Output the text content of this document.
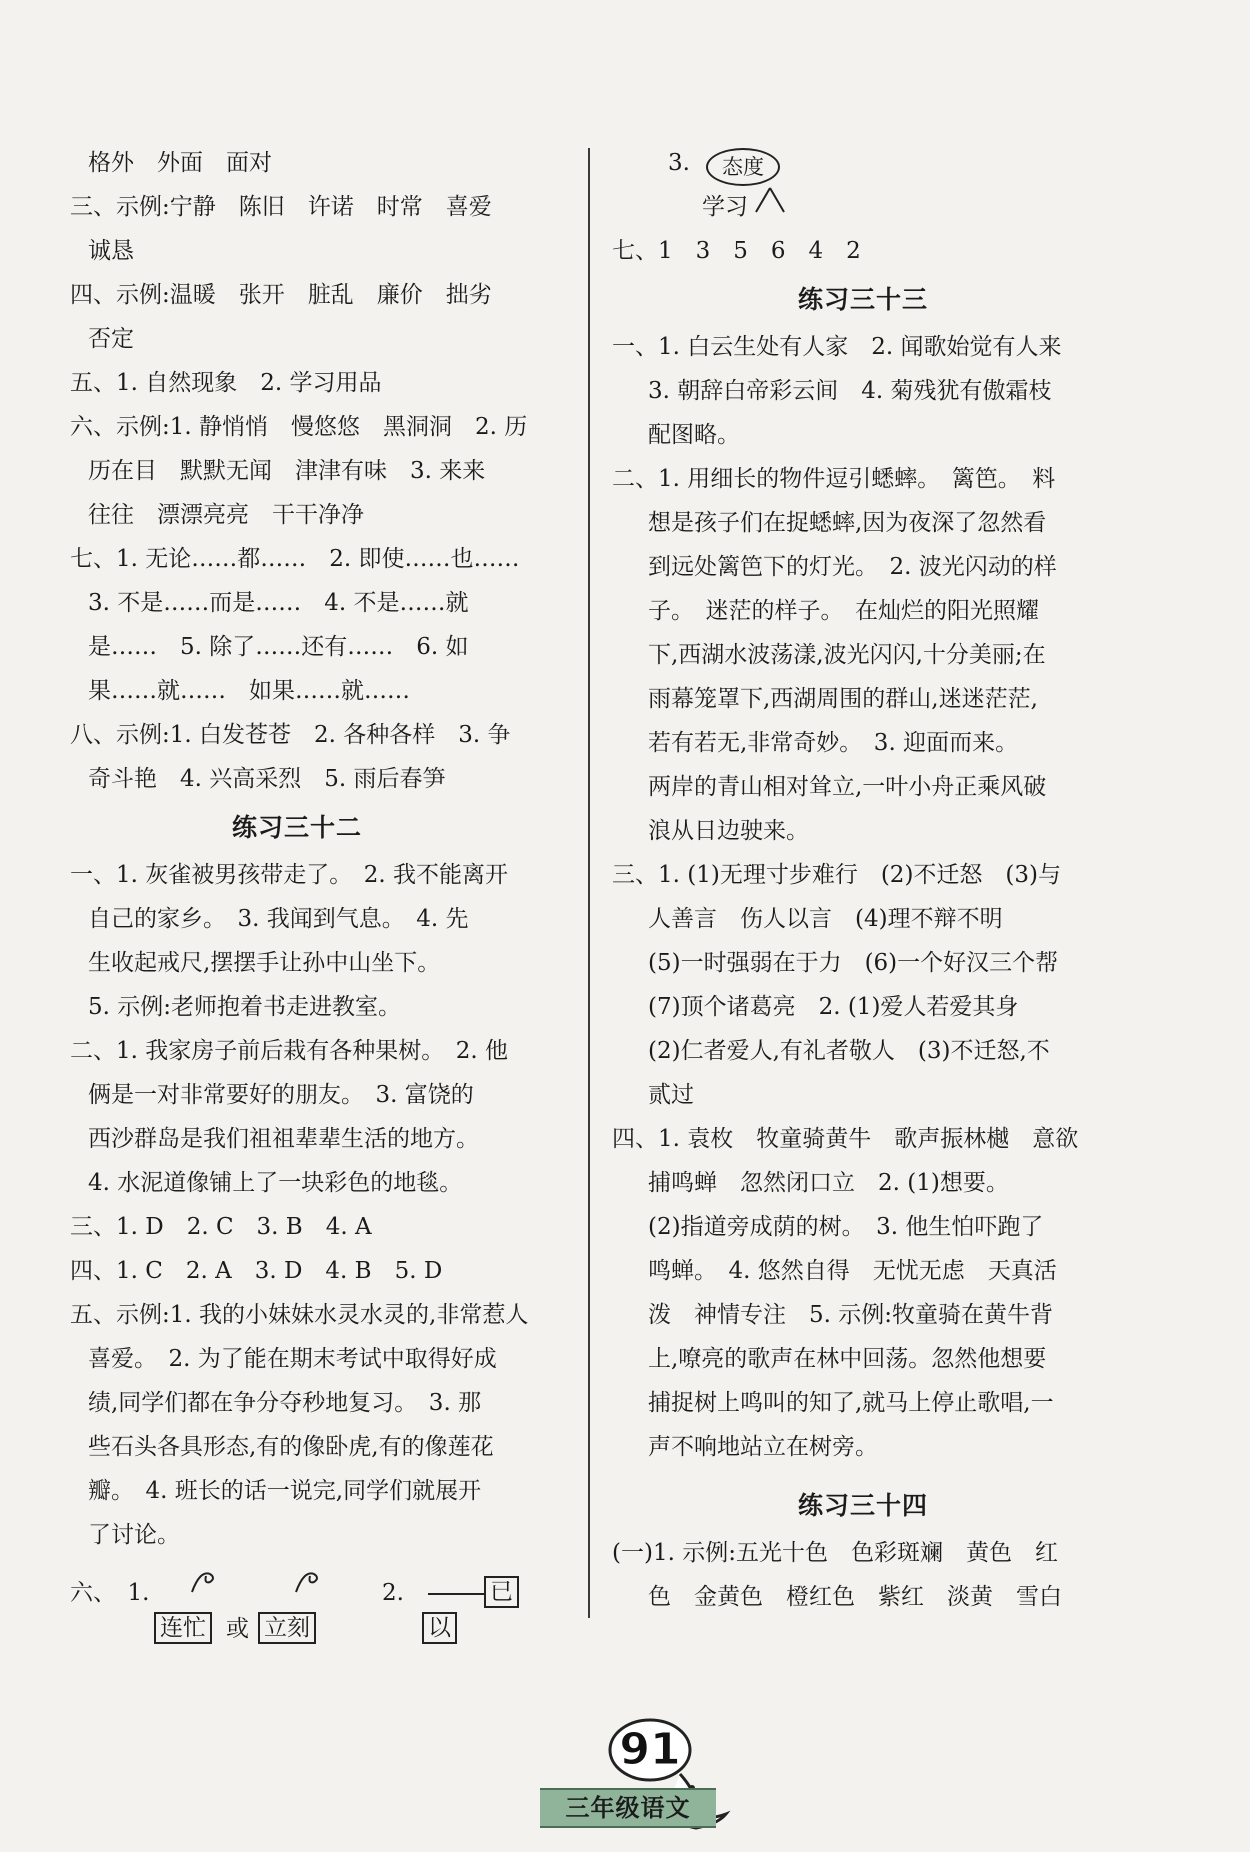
格外　外面　面对
三、示例:宁静　陈旧　许诺　时常　喜爱
诚恳
四、示例:温暖　张开　脏乱　廉价　拙劣
否定
五、1. 自然现象　2. 学习用品
六、示例:1. 静悄悄　慢悠悠　黑洞洞　2. 历
历在目　默默无闻　津津有味　3. 来来
往往　漂漂亮亮　干干净净
七、1. 无论……都……　2. 即使……也……
3. 不是……而是……　4. 不是……就
是……　5. 除了……还有……　6. 如
果……就……　如果……就……
八、示例:1. 白发苍苍　2. 各种各样　3. 争
奇斗艳　4. 兴高采烈　5. 雨后春笋
练习三十二
一、1. 灰雀被男孩带走了。　2. 我不能离开
自己的家乡。　3. 我闻到气息。　4. 先
生收起戒尺,摆摆手让孙中山坐下。
5. 示例:老师抱着书走进教室。
二、1. 我家房子前后栽有各种果树。　2. 他
俩是一对非常要好的朋友。　3. 富饶的
西沙群岛是我们祖祖辈辈生活的地方。
4. 水泥道像铺上了一块彩色的地毯。
三、1. D　2. C　3. B　4. A
四、1. C　2. A　3. D　4. B　5. D
五、示例:1. 我的小妹妹水灵水灵的,非常惹人
喜爱。　2. 为了能在期末考试中取得好成
绩,同学们都在争分夺秒地复习。　3. 那
些石头各具形态,有的像卧虎,有的像莲花
瓣。　4. 班长的话一说完,同学们就展开
了讨论。
六、　1.
连忙 或 立刻
2.
以
已
3.	态度
学习
七、1　3　5　6　4　2
练习三十三
一、1. 白云生处有人家　2. 闻歌始觉有人来
3. 朝辞白帝彩云间　4. 菊残犹有傲霜枝
配图略。
二、1. 用细长的物件逗引蟋蟀。　篱笆。　料
想是孩子们在捉蟋蟀,因为夜深了忽然看
到远处篱笆下的灯光。　2. 波光闪动的样
子。　迷茫的样子。　在灿烂的阳光照耀
下,西湖水波荡漾,波光闪闪,十分美丽;在
雨幕笼罩下,西湖周围的群山,迷迷茫茫,
若有若无,非常奇妙。　3. 迎面而来。
两岸的青山相对耸立,一叶小舟正乘风破
浪从日边驶来。
三、1. (1)无理寸步难行　(2)不迁怒　(3)与
人善言　伤人以言　(4)理不辩不明
(5)一时强弱在于力　(6)一个好汉三个帮
(7)顶个诸葛亮　2. (1)爱人若爱其身
(2)仁者爱人,有礼者敬人　(3)不迁怒,不
贰过
四、1. 袁枚　牧童骑黄牛　歌声振林樾　意欲
捕鸣蝉　忽然闭口立　2. (1)想要。
(2)指道旁成荫的树。　3. 他生怕吓跑了
鸣蝉。　4. 悠然自得　无忧无虑　天真活
泼　神情专注　5. 示例:牧童骑在黄牛背
上,嘹亮的歌声在林中回荡。忽然他想要
捕捉树上鸣叫的知了,就马上停止歌唱,一
声不响地站立在树旁。
练习三十四
(一)1. 示例:五光十色　色彩斑斓　黄色　红
色　金黄色　橙红色　紫红　淡黄　雪白
91
三年级语文
